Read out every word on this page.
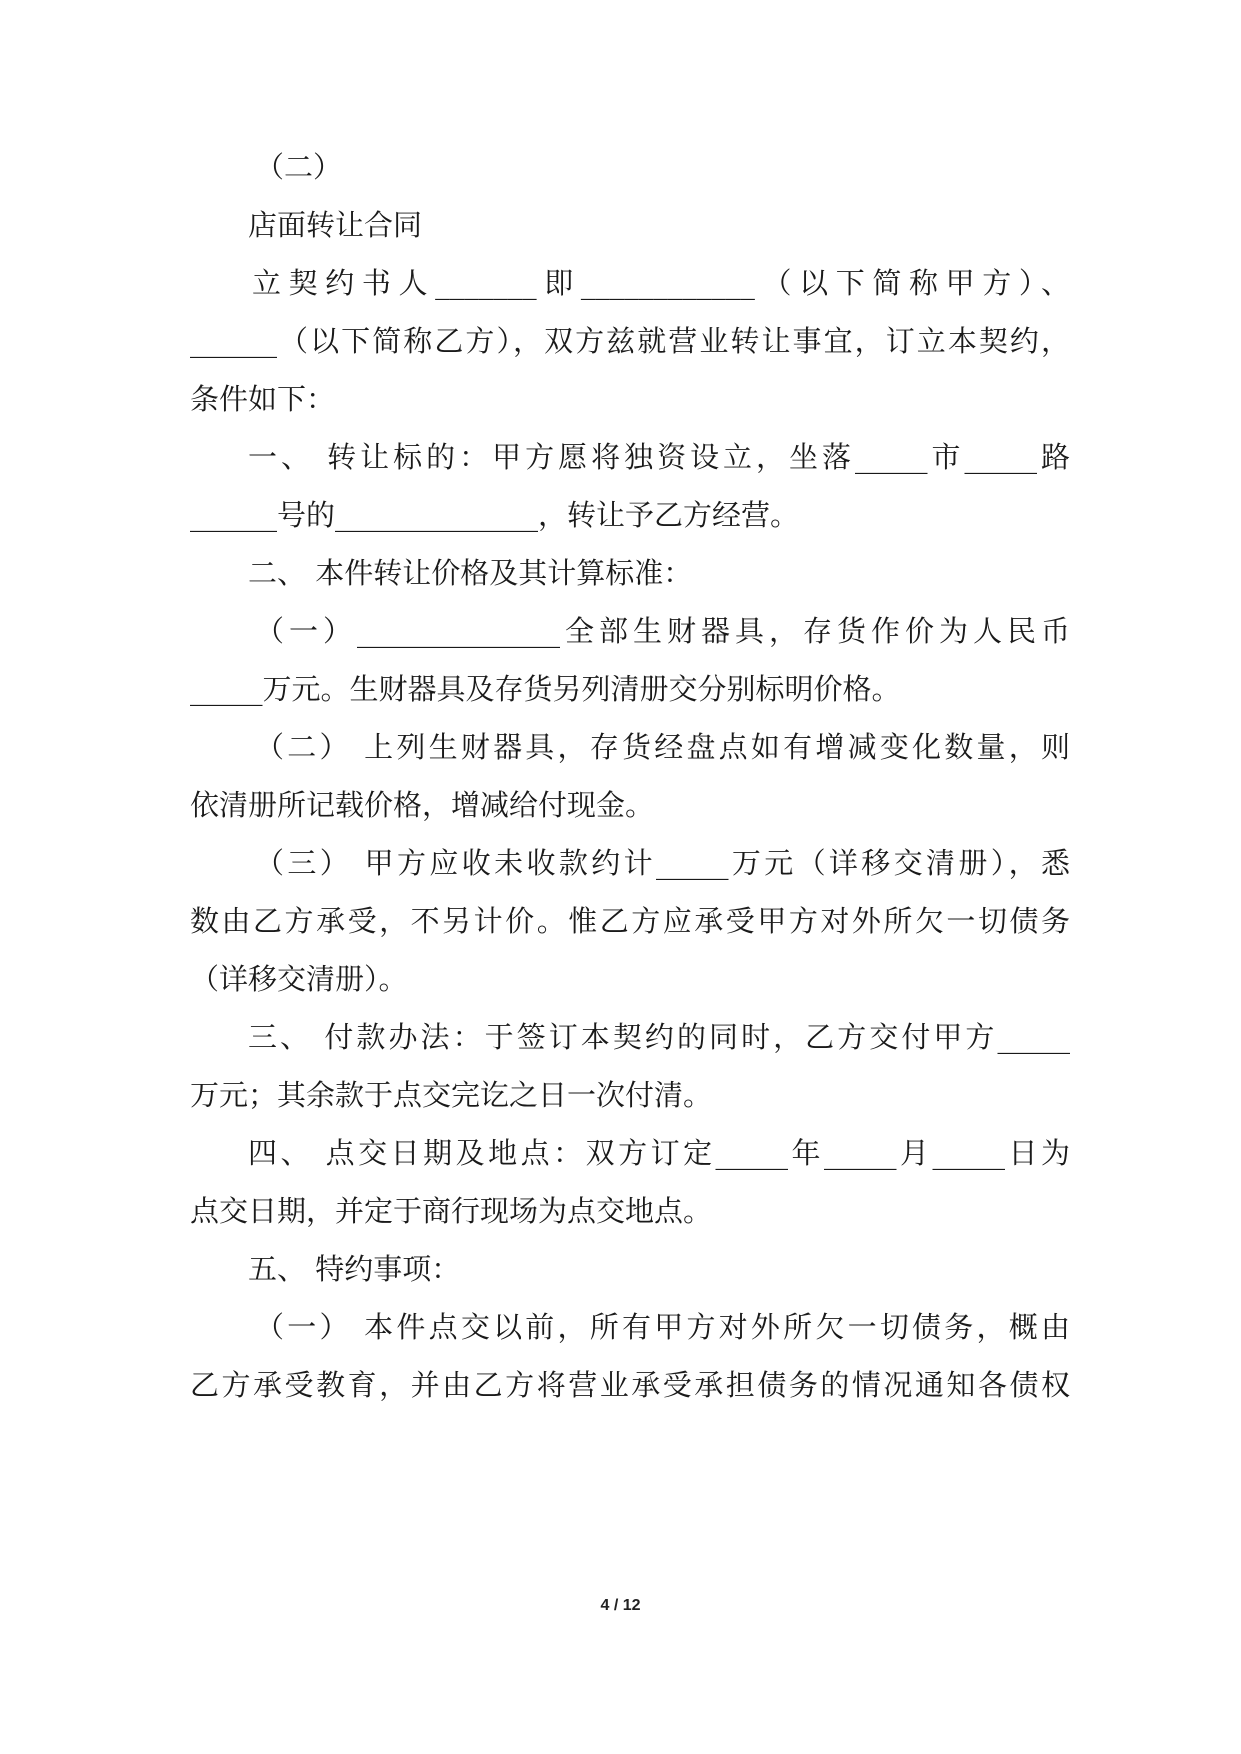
（二）
店面转让合同
立契约书人_______即____________（以下简称甲方）、
______（以下简称乙方），双方兹就营业转让事宜，订立本契约，
条件如下：
一、 转让标的：甲方愿将独资设立，坐落_____市_____路
______号的______________，转让予乙方经营。
二、 本件转让价格及其计算标准：
（一）______________全部生财器具，存货作价为人民币
_____万元。生财器具及存货另列清册交分别标明价格。
（二） 上列生财器具，存货经盘点如有增减变化数量，则
依清册所记载价格，增减给付现金。
（三） 甲方应收未收款约计_____万元（详移交清册），悉
数由乙方承受，不另计价。惟乙方应承受甲方对外所欠一切债务
（详移交清册）。
三、 付款办法：于签订本契约的同时，乙方交付甲方_____
万元；其余款于点交完讫之日一次付清。
四、 点交日期及地点：双方订定_____年_____月_____日为
点交日期，并定于商行现场为点交地点。
五、 特约事项：
（一） 本件点交以前，所有甲方对外所欠一切债务，概由
乙方承受教育，并由乙方将营业承受承担债务的情况通知各债权
4 / 12
